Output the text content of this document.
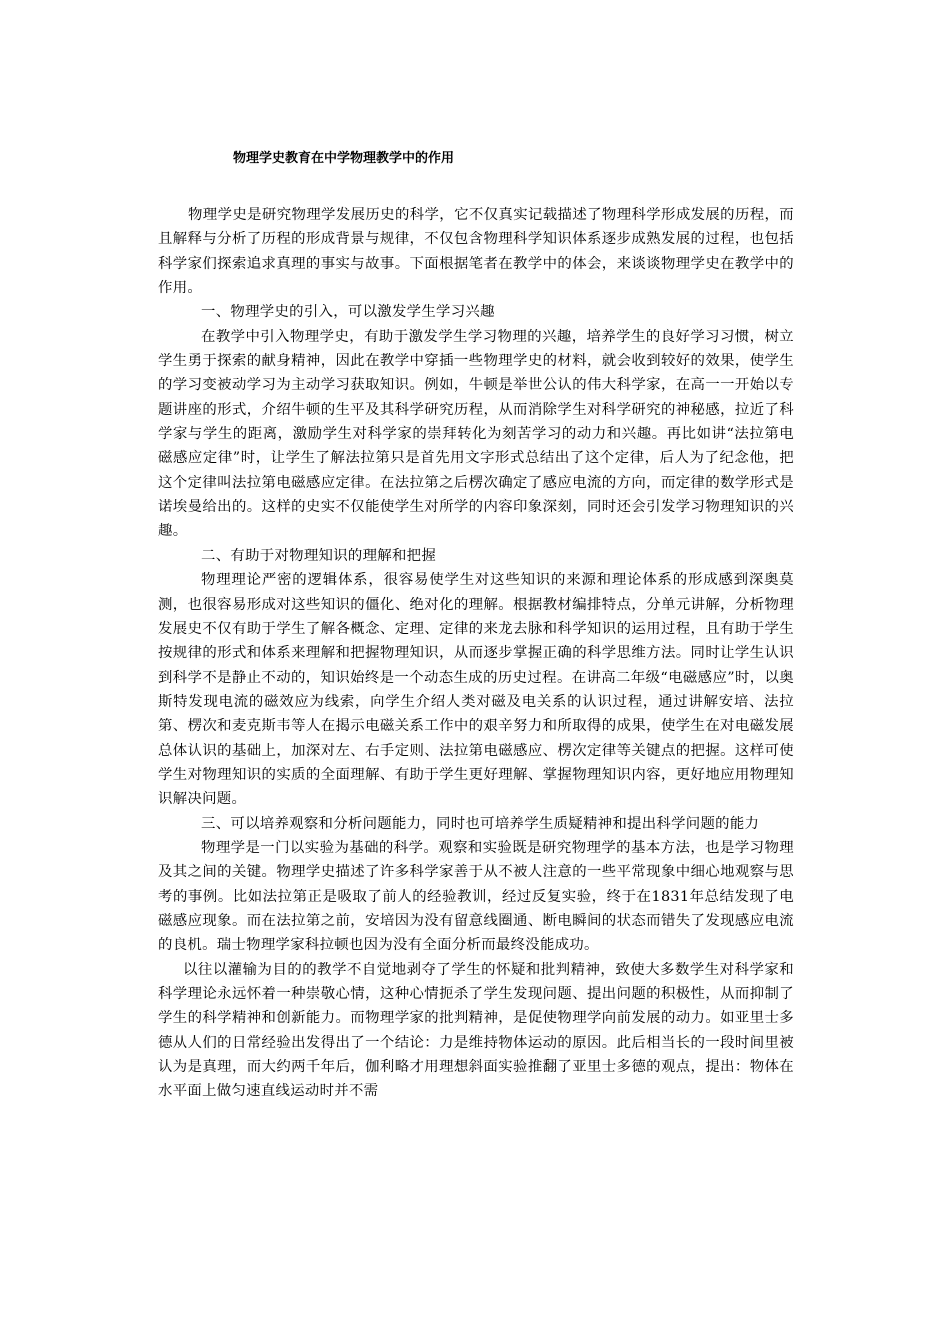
物理学史教育在中学物理教学中的作用

物理学史是研究物理学发展历史的科学，它不仅真实记载描述了物理科学形成发展的历程，而且解释与分析了历程的形成背景与规律，不仅包含物理科学知识体系逐步成熟发展的过程，也包括科学家们探索追求真理的事实与故事。下面根据笔者在教学中的体会，来谈谈物理学史在教学中的作用。

一、物理学史的引入，可以激发学生学习兴趣

在教学中引入物理学史，有助于激发学生学习物理的兴趣，培养学生的良好学习习惯，树立学生勇于探索的献身精神，因此在教学中穿插一些物理学史的材料，就会收到较好的效果，使学生的学习变被动学习为主动学习获取知识。例如，牛顿是举世公认的伟大科学家，在高一一开始以专题讲座的形式，介绍牛顿的生平及其科学研究历程，从而消除学生对科学研究的神秘感，拉近了科学家与学生的距离，激励学生对科学家的崇拜转化为刻苦学习的动力和兴趣。再比如讲“法拉第电磁感应定律”时，让学生了解法拉第只是首先用文字形式总结出了这个定律，后人为了纪念他，把这个定律叫法拉第电磁感应定律。在法拉第之后楞次确定了感应电流的方向，而定律的数学形式是诺埃曼给出的。这样的史实不仅能使学生对所学的内容印象深刻，同时还会引发学习物理知识的兴趣。

二、有助于对物理知识的理解和把握

物理理论严密的逻辑体系，很容易使学生对这些知识的来源和理论体系的形成感到深奥莫测，也很容易形成对这些知识的僵化、绝对化的理解。根据教材编排特点，分单元讲解，分析物理发展史不仅有助于学生了解各概念、定理、定律的来龙去脉和科学知识的运用过程，且有助于学生按规律的形式和体系来理解和把握物理知识，从而逐步掌握正确的科学思维方法。同时让学生认识到科学不是静止不动的，知识始终是一个动态生成的历史过程。在讲高二年级“电磁感应”时，以奥斯特发现电流的磁效应为线索，向学生介绍人类对磁及电关系的认识过程，通过讲解安培、法拉第、楞次和麦克斯韦等人在揭示电磁关系工作中的艰辛努力和所取得的成果，使学生在对电磁发展总体认识的基础上，加深对左、右手定则、法拉第电磁感应、楞次定律等关键点的把握。这样可使学生对物理知识的实质的全面理解、有助于学生更好理解、掌握物理知识内容，更好地应用物理知识解决问题。

三、可以培养观察和分析问题能力，同时也可培养学生质疑精神和提出科学问题的能力

物理学是一门以实验为基础的科学。观察和实验既是研究物理学的基本方法，也是学习物理及其之间的关键。物理学史描述了许多科学家善于从不被人注意的一些平常现象中细心地观察与思考的事例。比如法拉第正是吸取了前人的经验教训，经过反复实验，终于在1831年总结发现了电磁感应现象。而在法拉第之前，安培因为没有留意线圈通、断电瞬间的状态而错失了发现感应电流的良机。瑞士物理学家科拉顿也因为没有全面分析而最终没能成功。

以往以灌输为目的的教学不自觉地剥夺了学生的怀疑和批判精神，致使大多数学生对科学家和科学理论永远怀着一种崇敬心情，这种心情扼杀了学生发现问题、提出问题的积极性，从而抑制了学生的科学精神和创新能力。而物理学家的批判精神，是促使物理学向前发展的动力。如亚里士多德从人们的日常经验出发得出了一个结论：力是维持物体运动的原因。此后相当长的一段时间里被认为是真理，而大约两千年后，伽利略才用理想斜面实验推翻了亚里士多德的观点，提出：物体在水平面上做匀速直线运动时并不需
